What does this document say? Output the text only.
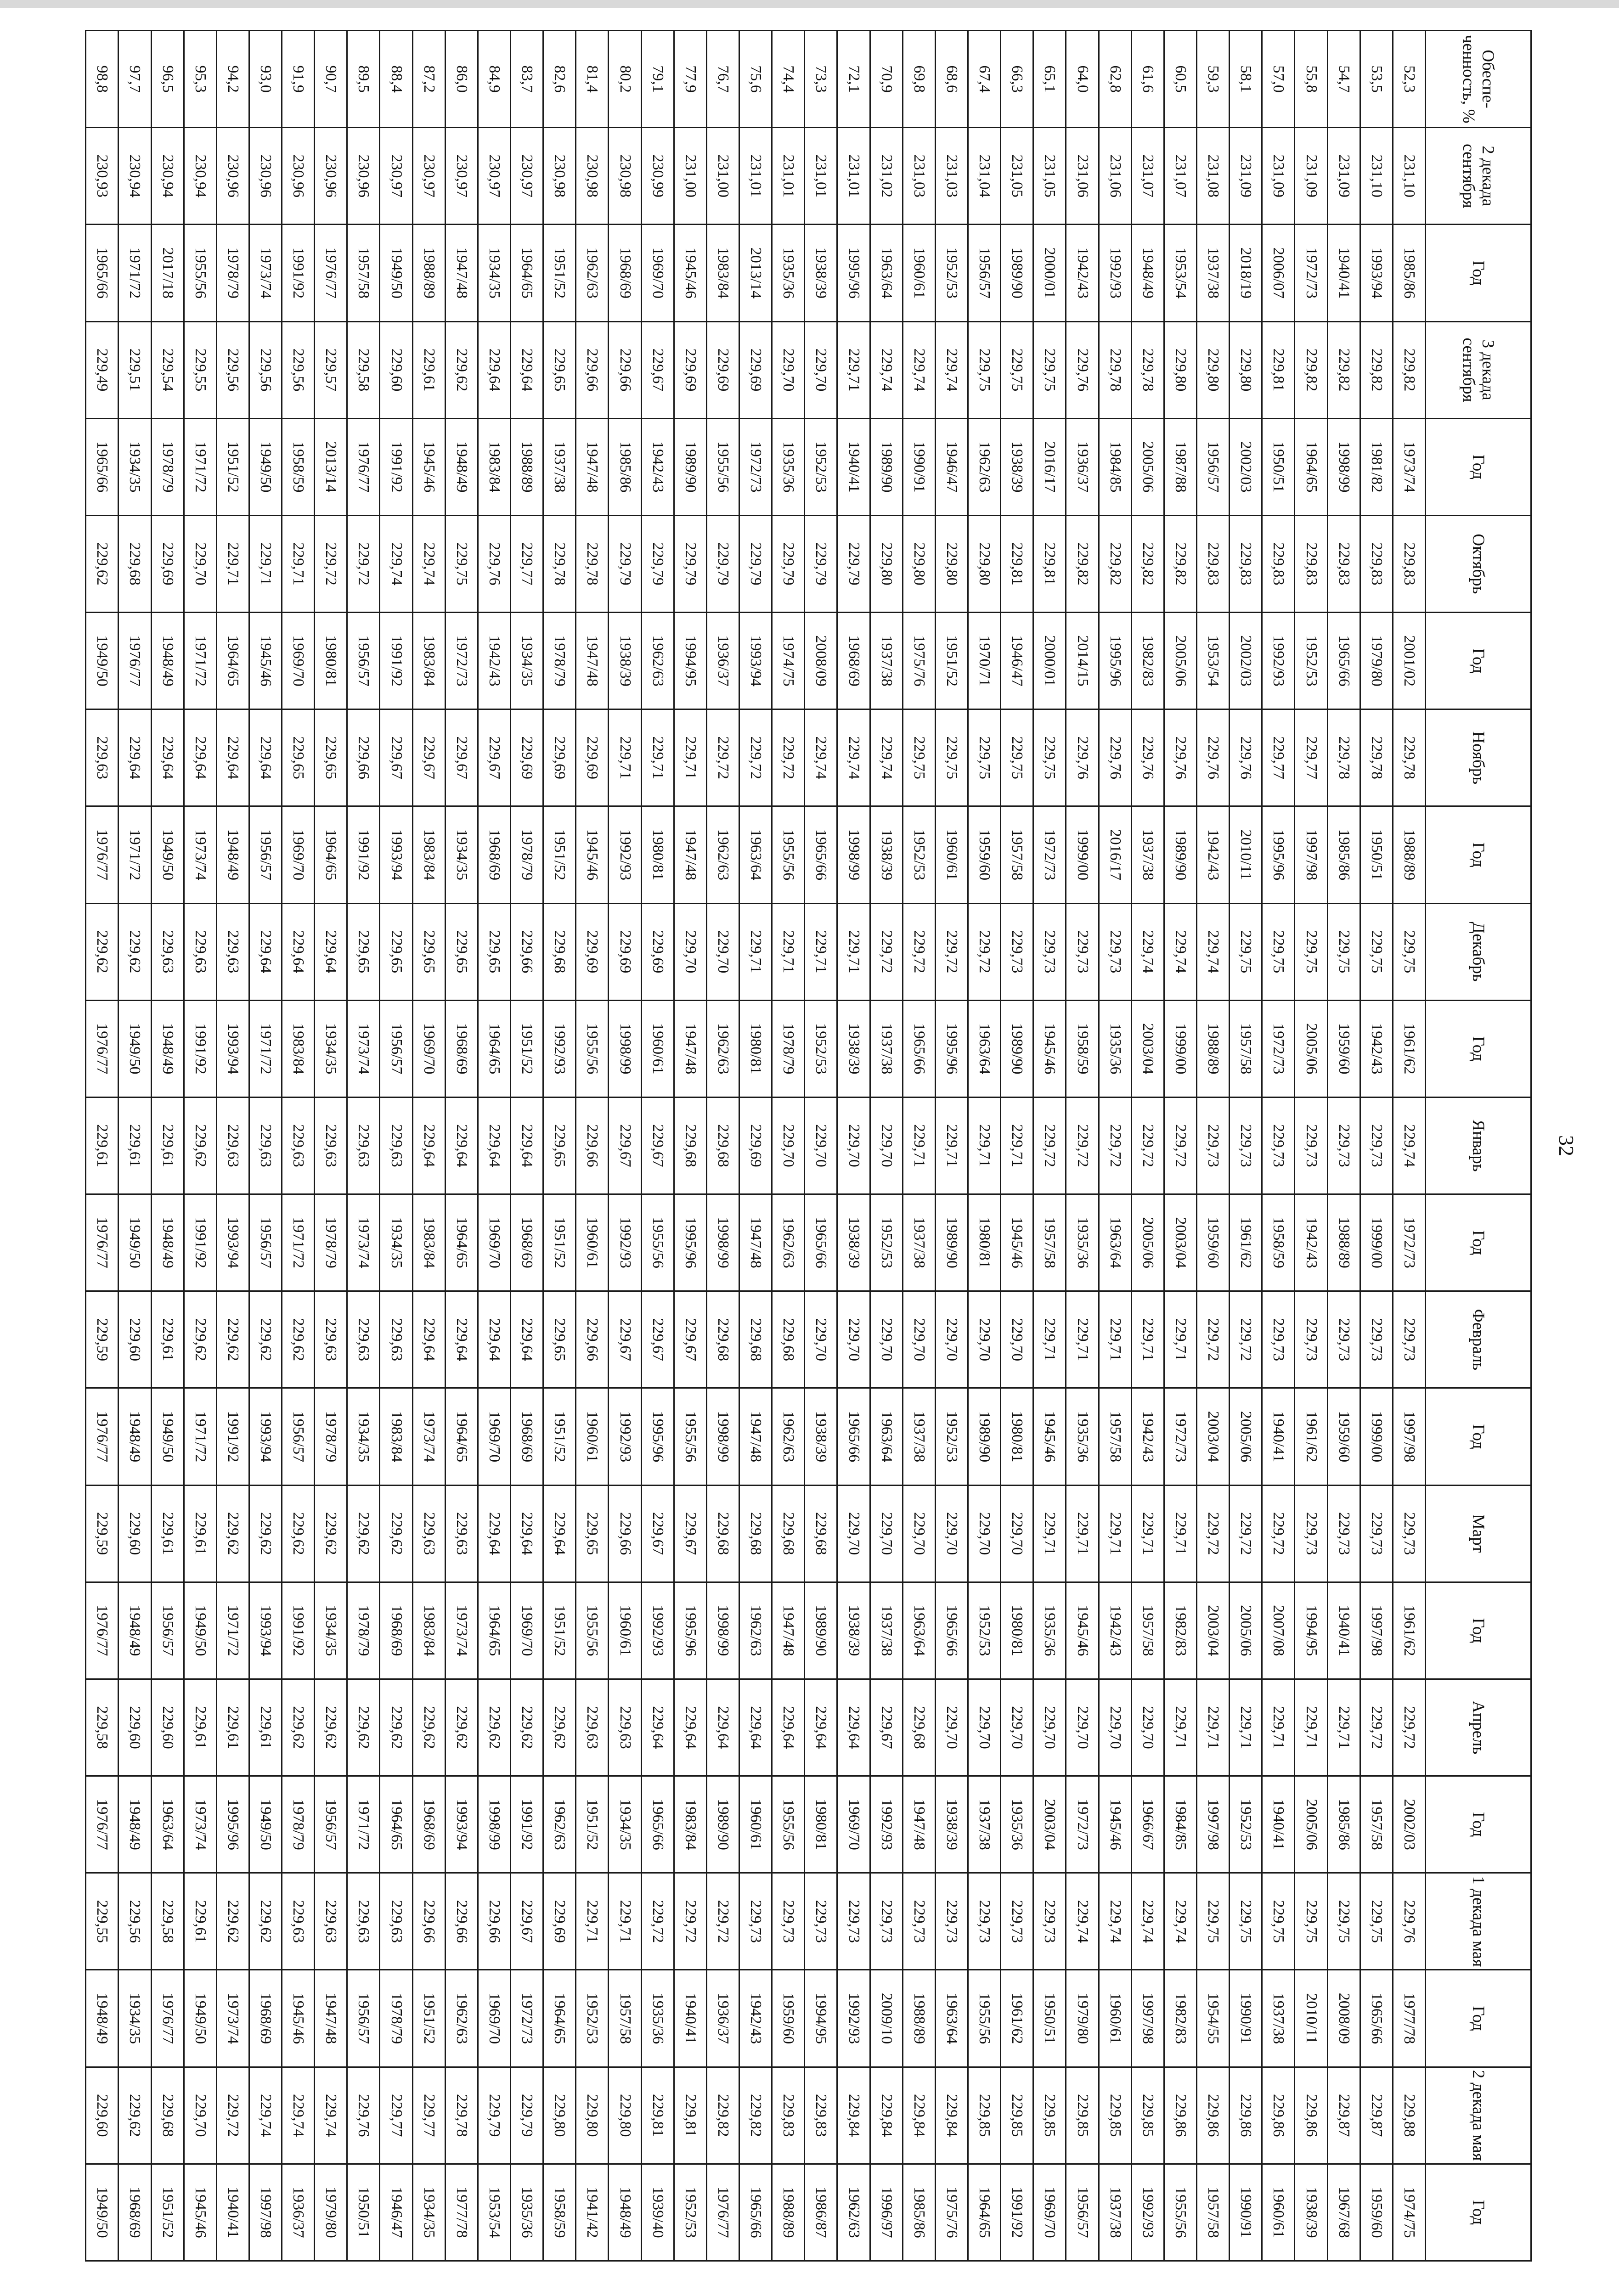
32
Обеспе-ченность, %	2 декада сентября	Год	3 декада сентября	Год	Октябрь	Год	Ноябрь	Год	Декабрь	Год	Январь	Год	Февраль	Год	Март	Год	Апрель	Год	1 декада мая	Год	2 декада мая	Год
52,3	231,10	1985/86	229,82	1973/74	229,83	2001/02	229,78	1988/89	229,75	1961/62	229,74	1972/73	229,73	1997/98	229,73	1961/62	229,72	2002/03	229,76	1977/78	229,88	1974/75
53,5	231,10	1993/94	229,82	1981/82	229,83	1979/80	229,78	1950/51	229,75	1942/43	229,73	1999/00	229,73	1999/00	229,73	1997/98	229,72	1957/58	229,75	1965/66	229,87	1959/60
54,7	231,09	1940/41	229,82	1998/99	229,83	1965/66	229,78	1985/86	229,75	1959/60	229,73	1988/89	229,73	1959/60	229,73	1940/41	229,71	1985/86	229,75	2008/09	229,87	1967/68
55,8	231,09	1972/73	229,82	1964/65	229,83	1952/53	229,77	1997/98	229,75	2005/06	229,73	1942/43	229,73	1961/62	229,73	1994/95	229,71	2005/06	229,75	2010/11	229,86	1938/39
57,0	231,09	2006/07	229,81	1950/51	229,83	1992/93	229,77	1995/96	229,75	1972/73	229,73	1958/59	229,73	1940/41	229,72	2007/08	229,71	1940/41	229,75	1937/38	229,86	1960/61
58,1	231,09	2018/19	229,80	2002/03	229,83	2002/03	229,76	2010/11	229,75	1957/58	229,73	1961/62	229,72	2005/06	229,72	2005/06	229,71	1952/53	229,75	1990/91	229,86	1990/91
59,3	231,08	1937/38	229,80	1956/57	229,83	1953/54	229,76	1942/43	229,74	1988/89	229,73	1959/60	229,72	2003/04	229,72	2003/04	229,71	1997/98	229,75	1954/55	229,86	1957/58
60,5	231,07	1953/54	229,80	1987/88	229,82	2005/06	229,76	1989/90	229,74	1999/00	229,72	2003/04	229,71	1972/73	229,71	1982/83	229,71	1984/85	229,74	1982/83	229,86	1955/56
61,6	231,07	1948/49	229,78	2005/06	229,82	1982/83	229,76	1937/38	229,74	2003/04	229,72	2005/06	229,71	1942/43	229,71	1957/58	229,70	1966/67	229,74	1997/98	229,85	1992/93
62,8	231,06	1992/93	229,78	1984/85	229,82	1995/96	229,76	2016/17	229,73	1935/36	229,72	1963/64	229,71	1957/58	229,71	1942/43	229,70	1945/46	229,74	1960/61	229,85	1937/38
64,0	231,06	1942/43	229,76	1936/37	229,82	2014/15	229,76	1999/00	229,73	1958/59	229,72	1935/36	229,71	1935/36	229,71	1945/46	229,70	1972/73	229,74	1979/80	229,85	1956/57
65,1	231,05	2000/01	229,75	2016/17	229,81	2000/01	229,75	1972/73	229,73	1945/46	229,72	1957/58	229,71	1945/46	229,71	1935/36	229,70	2003/04	229,73	1950/51	229,85	1969/70
66,3	231,05	1989/90	229,75	1938/39	229,81	1946/47	229,75	1957/58	229,73	1989/90	229,71	1945/46	229,70	1980/81	229,70	1980/81	229,70	1935/36	229,73	1961/62	229,85	1991/92
67,4	231,04	1956/57	229,75	1962/63	229,80	1970/71	229,75	1959/60	229,72	1963/64	229,71	1980/81	229,70	1989/90	229,70	1952/53	229,70	1937/38	229,73	1955/56	229,85	1964/65
68,6	231,03	1952/53	229,74	1946/47	229,80	1951/52	229,75	1960/61	229,72	1995/96	229,71	1989/90	229,70	1952/53	229,70	1965/66	229,70	1938/39	229,73	1963/64	229,84	1975/76
69,8	231,03	1960/61	229,74	1990/91	229,80	1975/76	229,75	1952/53	229,72	1965/66	229,71	1937/38	229,70	1937/38	229,70	1963/64	229,68	1947/48	229,73	1988/89	229,84	1985/86
70,9	231,02	1963/64	229,74	1989/90	229,80	1937/38	229,74	1938/39	229,72	1937/38	229,70	1952/53	229,70	1963/64	229,70	1937/38	229,67	1992/93	229,73	2009/10	229,84	1996/97
72,1	231,01	1995/96	229,71	1940/41	229,79	1968/69	229,74	1998/99	229,71	1938/39	229,70	1938/39	229,70	1965/66	229,70	1938/39	229,64	1969/70	229,73	1992/93	229,84	1962/63
73,3	231,01	1938/39	229,70	1952/53	229,79	2008/09	229,74	1965/66	229,71	1952/53	229,70	1965/66	229,70	1938/39	229,68	1989/90	229,64	1980/81	229,73	1994/95	229,83	1986/87
74,4	231,01	1935/36	229,70	1935/36	229,79	1974/75	229,72	1955/56	229,71	1978/79	229,70	1962/63	229,68	1962/63	229,68	1947/48	229,64	1955/56	229,73	1959/60	229,83	1988/89
75,6	231,01	2013/14	229,69	1972/73	229,79	1993/94	229,72	1963/64	229,71	1980/81	229,69	1947/48	229,68	1947/48	229,68	1962/63	229,64	1960/61	229,73	1942/43	229,82	1965/66
76,7	231,00	1983/84	229,69	1955/56	229,79	1936/37	229,72	1962/63	229,70	1962/63	229,68	1998/99	229,68	1998/99	229,68	1998/99	229,64	1989/90	229,72	1936/37	229,82	1976/77
77,9	231,00	1945/46	229,69	1989/90	229,79	1994/95	229,71	1947/48	229,70	1947/48	229,68	1995/96	229,67	1955/56	229,67	1995/96	229,64	1983/84	229,72	1940/41	229,81	1952/53
79,1	230,99	1969/70	229,67	1942/43	229,79	1962/63	229,71	1980/81	229,69	1960/61	229,67	1955/56	229,67	1995/96	229,67	1992/93	229,64	1965/66	229,72	1935/36	229,81	1939/40
80,2	230,98	1968/69	229,66	1985/86	229,79	1938/39	229,71	1992/93	229,69	1998/99	229,67	1992/93	229,67	1992/93	229,66	1960/61	229,63	1934/35	229,71	1957/58	229,80	1948/49
81,4	230,98	1962/63	229,66	1947/48	229,78	1947/48	229,69	1945/46	229,69	1955/56	229,66	1960/61	229,66	1960/61	229,65	1955/56	229,63	1951/52	229,71	1952/53	229,80	1941/42
82,6	230,98	1951/52	229,65	1937/38	229,78	1978/79	229,69	1951/52	229,68	1992/93	229,65	1951/52	229,65	1951/52	229,64	1951/52	229,62	1962/63	229,69	1964/65	229,80	1958/59
83,7	230,97	1964/65	229,64	1988/89	229,77	1934/35	229,69	1978/79	229,66	1951/52	229,64	1968/69	229,64	1968/69	229,64	1969/70	229,62	1991/92	229,67	1972/73	229,79	1935/36
84,9	230,97	1934/35	229,64	1983/84	229,76	1942/43	229,67	1968/69	229,65	1964/65	229,64	1969/70	229,64	1969/70	229,64	1964/65	229,62	1998/99	229,66	1969/70	229,79	1953/54
86,0	230,97	1947/48	229,62	1948/49	229,75	1972/73	229,67	1934/35	229,65	1968/69	229,64	1964/65	229,64	1964/65	229,63	1973/74	229,62	1993/94	229,66	1962/63	229,78	1977/78
87,2	230,97	1988/89	229,61	1945/46	229,74	1983/84	229,67	1983/84	229,65	1969/70	229,64	1983/84	229,64	1973/74	229,63	1983/84	229,62	1968/69	229,66	1951/52	229,77	1934/35
88,4	230,97	1949/50	229,60	1991/92	229,74	1991/92	229,67	1993/94	229,65	1956/57	229,63	1934/35	229,63	1983/84	229,62	1968/69	229,62	1964/65	229,63	1978/79	229,77	1946/47
89,5	230,96	1957/58	229,58	1976/77	229,72	1956/57	229,66	1991/92	229,65	1973/74	229,63	1973/74	229,63	1934/35	229,62	1978/79	229,62	1971/72	229,63	1956/57	229,76	1950/51
90,7	230,96	1976/77	229,57	2013/14	229,72	1980/81	229,65	1964/65	229,64	1934/35	229,63	1978/79	229,63	1978/79	229,62	1934/35	229,62	1956/57	229,63	1947/48	229,74	1979/80
91,9	230,96	1991/92	229,56	1958/59	229,71	1969/70	229,65	1969/70	229,64	1983/84	229,63	1971/72	229,62	1956/57	229,62	1991/92	229,62	1978/79	229,63	1945/46	229,74	1936/37
93,0	230,96	1973/74	229,56	1949/50	229,71	1945/46	229,64	1956/57	229,64	1971/72	229,63	1956/57	229,62	1993/94	229,62	1993/94	229,61	1949/50	229,62	1968/69	229,74	1997/98
94,2	230,96	1978/79	229,56	1951/52	229,71	1964/65	229,64	1948/49	229,63	1993/94	229,63	1993/94	229,62	1991/92	229,62	1971/72	229,61	1995/96	229,62	1973/74	229,72	1940/41
95,3	230,94	1955/56	229,55	1971/72	229,70	1971/72	229,64	1973/74	229,63	1991/92	229,62	1991/92	229,62	1971/72	229,61	1949/50	229,61	1973/74	229,61	1949/50	229,70	1945/46
96,5	230,94	2017/18	229,54	1978/79	229,69	1948/49	229,64	1949/50	229,63	1948/49	229,61	1948/49	229,61	1949/50	229,61	1956/57	229,60	1963/64	229,58	1976/77	229,68	1951/52
97,7	230,94	1971/72	229,51	1934/35	229,68	1976/77	229,64	1971/72	229,62	1949/50	229,61	1949/50	229,60	1948/49	229,60	1948/49	229,60	1948/49	229,56	1934/35	229,62	1968/69
98,8	230,93	1965/66	229,49	1965/66	229,62	1949/50	229,63	1976/77	229,62	1976/77	229,61	1976/77	229,59	1976/77	229,59	1976/77	229,58	1976/77	229,55	1948/49	229,60	1949/50
